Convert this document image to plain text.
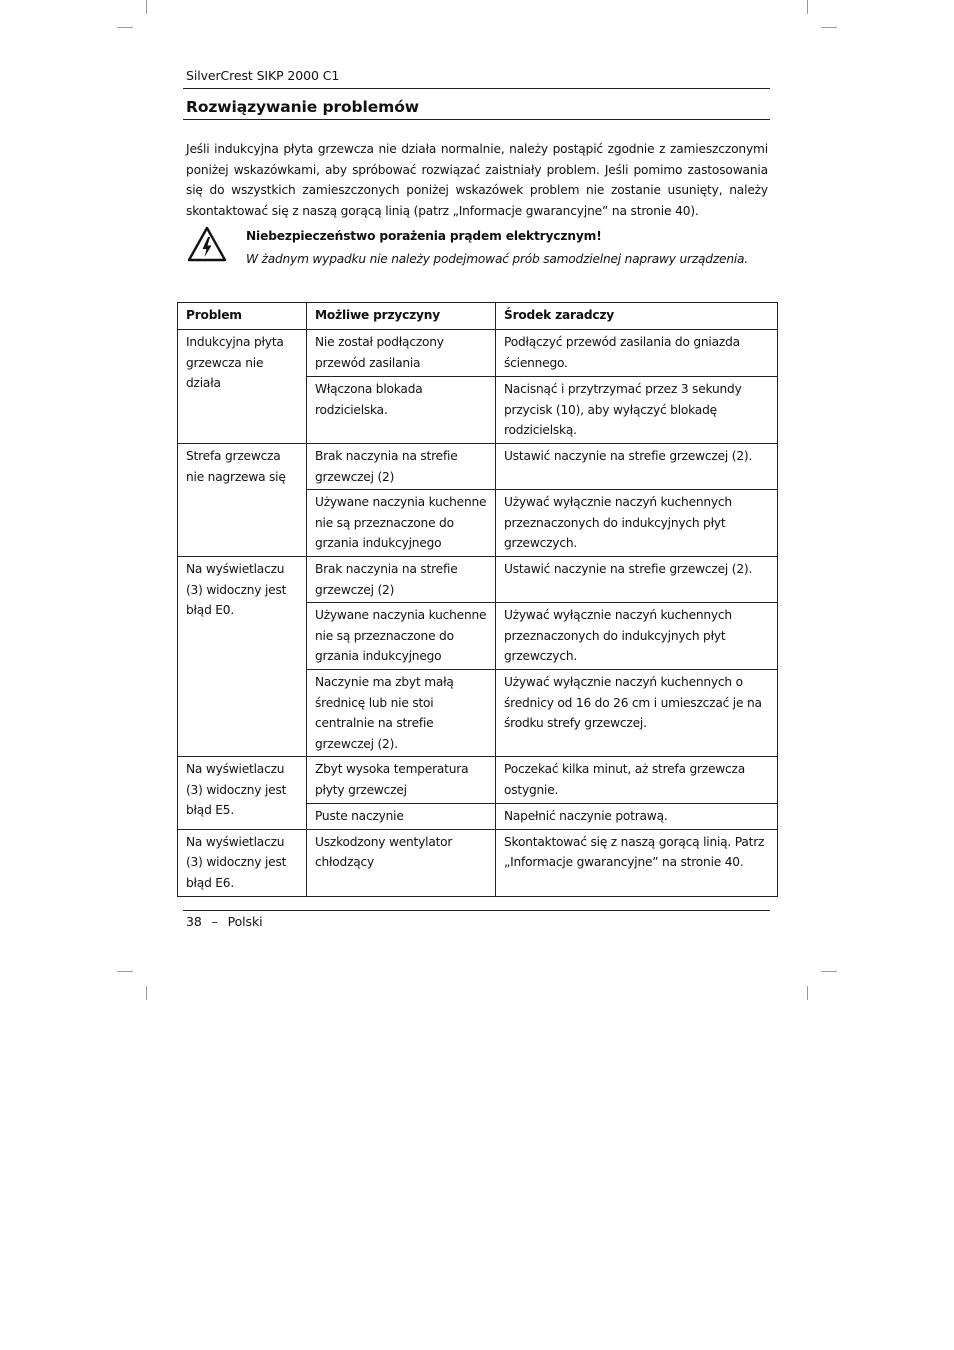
SilverCrest SIKP 2000 C1
Rozwiązywanie problemów
Jeśli indukcyjna płyta grzewcza nie działa normalnie, należy postąpić zgodnie z zamieszczonymi poniżej wskazówkami, aby spróbować rozwiązać zaistniały problem. Jeśli pomimo zastosowania się do wszystkich zamieszczonych poniżej wskazówek problem nie zostanie usunięty, należy skontaktować się z naszą gorącą linią (patrz „Informacje gwarancyjne” na stronie 40).
Niebezpieczeństwo porażenia prądem elektrycznym!
W żadnym wypadku nie należy podejmować prób samodzielnej naprawy urządzenia.
Problem	Możliwe przyczyny	Środek zaradczy
Indukcyjna płyta grzewcza nie działa	Nie został podłączony przewód zasilania	Podłączyć przewód zasilania do gniazda ściennego.
	Włączona blokada rodzicielska.	Nacisnąć i przytrzymać przez 3 sekundy przycisk (10), aby wyłączyć blokadę rodzicielską.
Strefa grzewcza nie nagrzewa się	Brak naczynia na strefie grzewczej (2)	Ustawić naczynie na strefie grzewczej (2).
	Używane naczynia kuchenne nie są przeznaczone do grzania indukcyjnego	Używać wyłącznie naczyń kuchennych przeznaczonych do indukcyjnych płyt grzewczych.
Na wyświetlaczu (3) widoczny jest błąd E0.	Brak naczynia na strefie grzewczej (2)	Ustawić naczynie na strefie grzewczej (2).
	Używane naczynia kuchenne nie są przeznaczone do grzania indukcyjnego	Używać wyłącznie naczyń kuchennych przeznaczonych do indukcyjnych płyt grzewczych.
	Naczynie ma zbyt małą średnicę lub nie stoi centralnie na strefie grzewczej (2).	Używać wyłącznie naczyń kuchennych o średnicy od 16 do 26 cm i umieszczać je na środku strefy grzewczej.
Na wyświetlaczu (3) widoczny jest błąd E5.	Zbyt wysoka temperatura płyty grzewczej	Poczekać kilka minut, aż strefa grzewcza ostygnie.
	Puste naczynie	Napełnić naczynie potrawą.
Na wyświetlaczu (3) widoczny jest błąd E6.	Uszkodzony wentylator chłodzący	Skontaktować się z naszą gorącą linią. Patrz „Informacje gwarancyjne” na stronie 40.
38 – Polski
